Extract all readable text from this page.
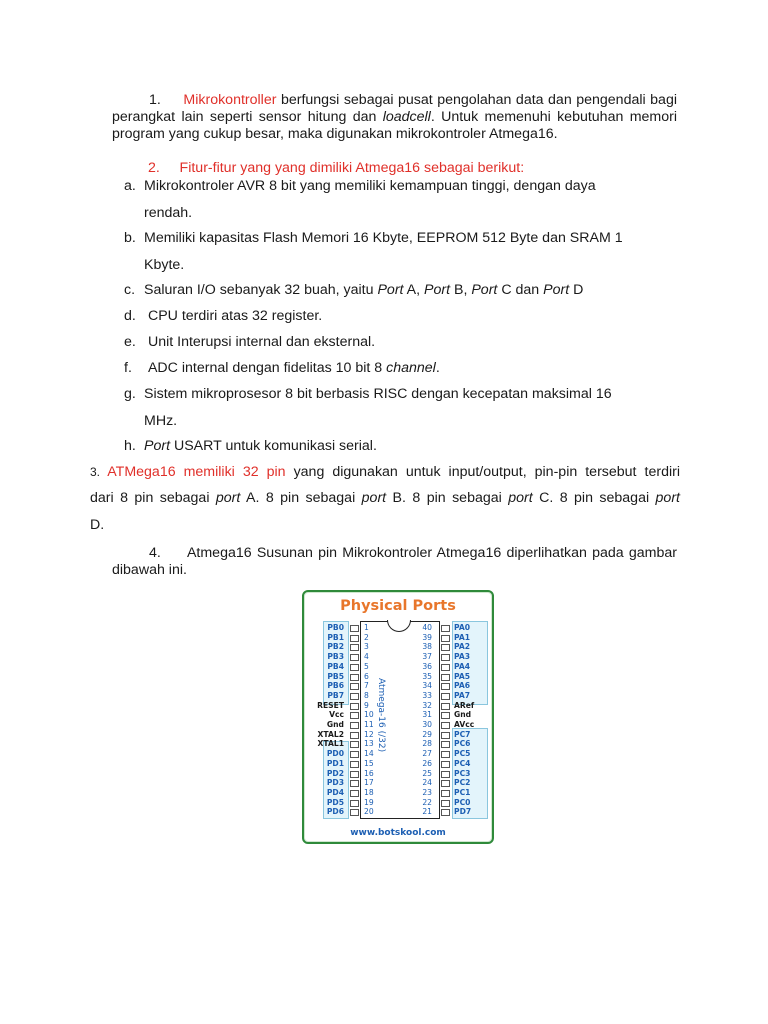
1. Mikrokontroller berfungsi sebagai pusat pengolahan data dan pengendali bagi perangkat lain seperti sensor hitung dan loadcell. Untuk memenuhi kebutuhan memori program yang cukup besar, maka digunakan mikrokontroler Atmega16.
2.     Fitur-fitur yang yang dimiliki Atmega16 sebagai berikut:
a. Mikrokontroler AVR 8 bit yang memiliki kemampuan tinggi, dengan daya
rendah.
b. Memiliki kapasitas Flash Memori 16 Kbyte, EEPROM 512 Byte dan SRAM 1
Kbyte.
c. Saluran I/O sebanyak 32 buah, yaitu Port A, Port B, Port C dan Port D
d. CPU terdiri atas 32 register.
e. Unit Interupsi internal dan eksternal.
f. ADC internal dengan fidelitas 10 bit 8 channel.
g. Sistem mikroprosesor 8 bit berbasis RISC dengan kecepatan maksimal 16
MHz.
h. Port USART untuk komunikasi serial.
3. ATMega16 memiliki 32 pin yang digunakan untuk input/output, pin-pin tersebut terdiri
dari 8 pin sebagai port A. 8 pin sebagai port B. 8 pin sebagai port C. 8 pin sebagai port
D.
4. Atmega16 Susunan pin Mikrokontroler Atmega16 diperlihatkan pada gambar dibawah ini.
Physical Ports
Atmega-16 (/32)
PB0	1
PB1	2
PB2	3
PB3	4
PB4	5
PB5	6
PB6	7
PB7	8
RESET	9
Vcc	10
Gnd	11
XTAL2	12
XTAL1	13
PD0	14
PD1	15
PD2	16
PD3	17
PD4	18
PD5	19
PD6	20
PA0
40
PA1
39
PA2
38
PA3
37
PA4
36
PA5
35
PA6
34
PA7
33
ARef
32
Gnd
31
AVcc
30
PC7
29
PC6
28
PC5
27
PC4
26
PC3
25
PC2
24
PC1
23
PC0
22
PD7
21
www.botskool.com
